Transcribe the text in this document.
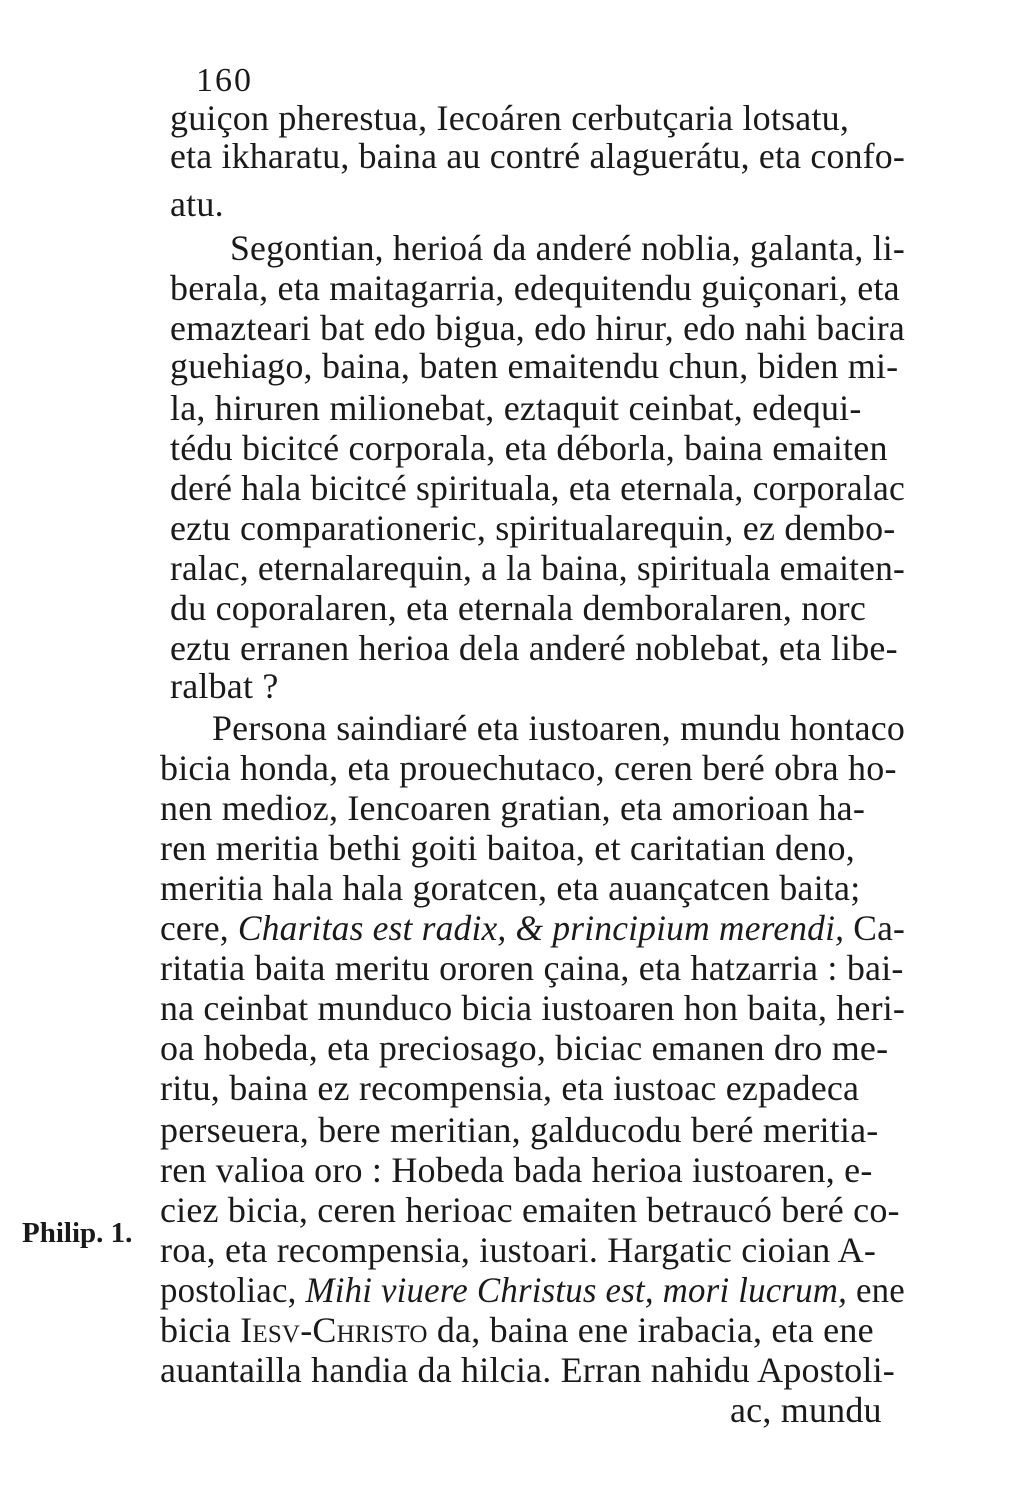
160
Philip. 1.
guiçon pherestua, Iecoáren cerbutçaria lotsatu,
eta ikharatu, baina au contré alaguerátu, eta confo-
atu.
Segontian, herioá da anderé noblia, galanta, li-
berala, eta maitagarria, edequitendu guiçonari, eta
emazteari bat edo bigua, edo hirur, edo nahi bacira
guehiago, baina, baten emaitendu chun, biden mi-
la, hiruren milionebat, eztaquit ceinbat, edequi-
tédu bicitcé corporala, eta déborla, baina emaiten
deré hala bicitcé spirituala, eta eternala, corporalac
eztu comparationeric, spiritualarequin, ez dembo-
ralac, eternalarequin, a la baina, spirituala emaiten-
du coporalaren, eta eternala demboralaren, norc
eztu erranen herioa dela anderé noblebat, eta libe-
ralbat ?
Persona saindiaré eta iustoaren, mundu hontaco
bicia honda, eta prouechutaco, ceren beré obra ho-
nen medioz, Iencoaren gratian, eta amorioan ha-
ren meritia bethi goiti baitoa, et caritatian deno,
meritia hala hala goratcen, eta auançatcen baita;
cere, Charitas est radix, & principium merendi, Ca-
ritatia baita meritu ororen çaina, eta hatzarria : bai-
na ceinbat munduco bicia iustoaren hon baita, heri-
oa hobeda, eta preciosago, biciac emanen dro me-
ritu, baina ez recompensia, eta iustoac ezpadeca
perseuera, bere meritian, galducodu beré meritia-
ren valioa oro : Hobeda bada herioa iustoaren, e-
ciez bicia, ceren herioac emaiten betraucó beré co-
roa, eta recompensia, iustoari. Hargatic cioian A-
postoliac, Mihi viuere Christus est, mori lucrum, ene
bicia Iesv-Christo da, baina ene irabacia, eta ene
auantailla handia da hilcia. Erran nahidu Apostoli-
ac, mundu
